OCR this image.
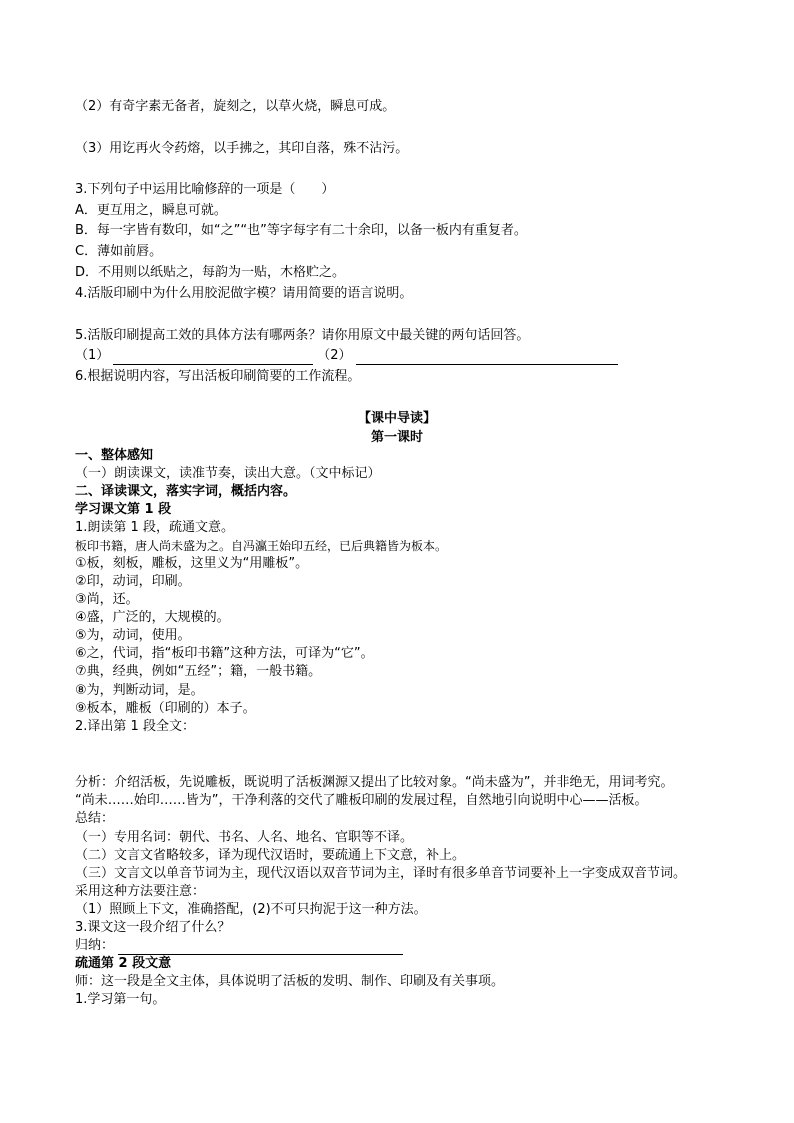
（2）有奇字素无备者，旋刻之，以草火烧，瞬息可成。
（3）用讫再火令药熔，以手拂之，其印自落，殊不沾污。
3.下列句子中运用比喻修辞的一项是（　　）
A．更互用之，瞬息可就。
B．每一字皆有数印，如“之”“也”等字每字有二十余印，以备一板内有重复者。
C．薄如前唇。
D．不用则以纸贴之，每韵为一贴，木格贮之。
4.活版印刷中为什么用胶泥做字模？请用简要的语言说明。
5.活版印刷提高工效的具体方法有哪两条？请你用原文中最关键的两句话回答。
（1）	（2）
6.根据说明内容，写出活板印刷简要的工作流程。
【课中导读】
第一课时
一、整体感知
（一）朗读课文，读准节奏，读出大意。（文中标记）
二、译读课文，落实字词，概括内容。
学习课文第 1 段
1.朗读第 1 段，疏通文意。
板印书籍，唐人尚未盛为之。自冯瀛王始印五经，已后典籍皆为板本。
①板，刻板，雕板，这里义为“用雕板”。
②印，动词，印刷。
③尚，还。
④盛，广泛的，大规模的。
⑤为，动词，使用。
⑥之，代词，指“板印书籍”这种方法，可译为“它”。
⑦典，经典，例如“五经”；籍，一般书籍。
⑧为，判断动词，是。
⑨板本，雕板（印刷的）本子。
2.译出第 1 段全文：
分析：介绍活板，先说雕板，既说明了活板渊源又提出了比较对象。“尚未盛为”，并非绝无，用词考究。
“尚未……始印……皆为”，干净利落的交代了雕板印刷的发展过程，自然地引向说明中心——活板。
总结：
（一）专用名词：朝代、书名、人名、地名、官职等不译。
（二）文言文省略较多，译为现代汉语时，要疏通上下文意，补上。
（三）文言文以单音节词为主，现代汉语以双音节词为主，译时有很多单音节词要补上一字变成双音节词。
采用这种方法要注意：
（1）照顾上下文，准确搭配，(2)不可只拘泥于这一种方法。
3.课文这一段介绍了什么？
归纳：
疏通第 2 段文意
师：这一段是全文主体，具体说明了活板的发明、制作、印刷及有关事项。
1.学习第一句。
